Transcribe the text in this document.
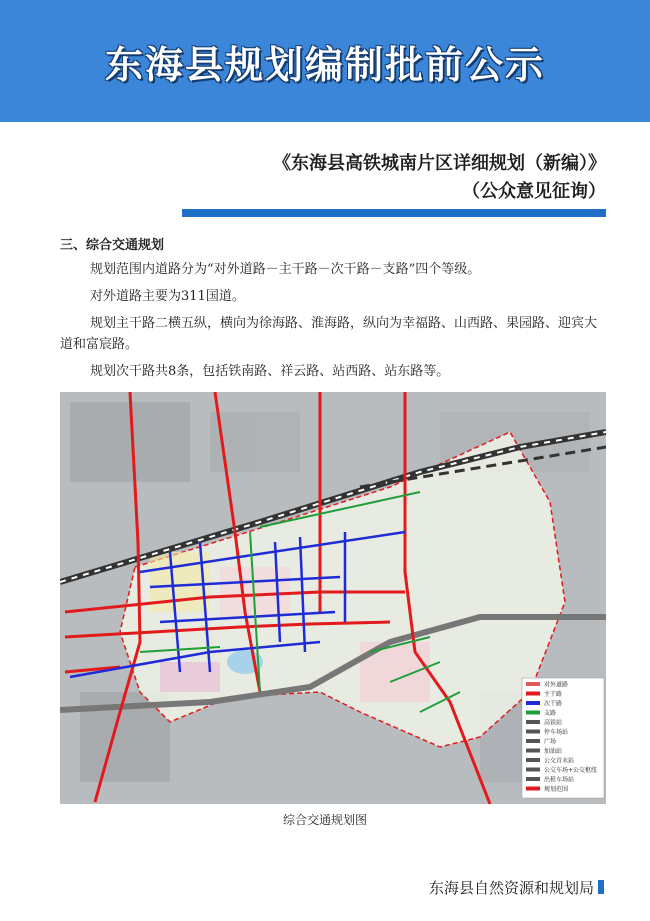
东海县规划编制批前公示
《东海县高铁城南片区详细规划（新编）》

（公众意见征询）
三、综合交通规划

规划范围内道路分为“对外道路－主干路－次干路－支路”四个等级。

对外道路主要为311国道。

规划主干路二横五纵，横向为徐海路、淮海路，纵向为幸福路、山西路、果园路、迎宾大道和富宸路。

规划次干路共8条，包括铁南路、祥云路、站西路、站东路等。

对外道路
主干路
次干路
支路
高铁站
停车场站
广场
加油站
公交首末站
公交车场+公交枢纽
出租车场站
规划范围
综合交通规划图
东海县自然资源和规划局
